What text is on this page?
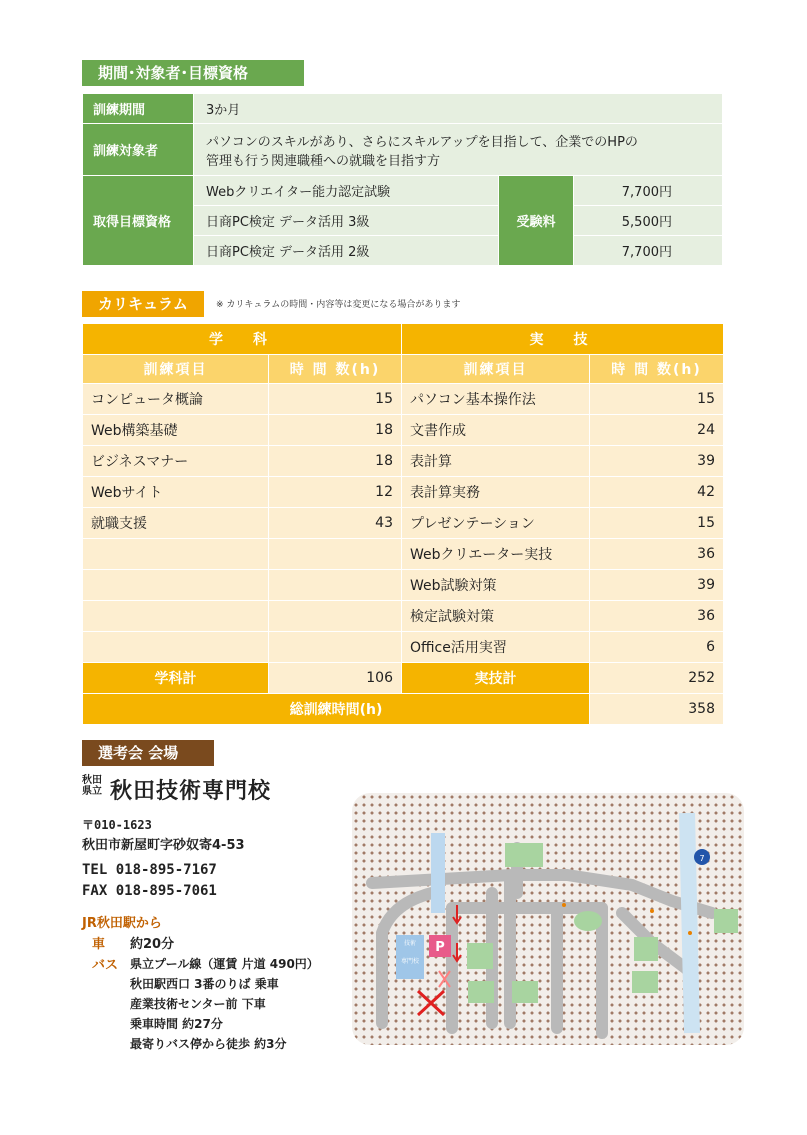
期間･対象者･目標資格
訓練期間	3か月		
訓練対象者	パソコンのスキルがあり、さらにスキルアップを目指して、企業でのHPの
管理も行う関連職種への就職を目指す方		

取得目標資格	Webクリエイター能力認定試験	受験料	7,700円
	日商PC検定 データ活用 3級		5,500円
	日商PC検定 データ活用 2級		7,700円
カリキュラム	※ カリキュラムの時間・内容等は変更になる場合があります
学　科		実　技	
訓練項目	時 間 数(h)	訓練項目	時 間 数(h)
コンピュータ概論	15	パソコン基本操作法	15
Web構築基礎	18	文書作成	24
ビジネスマナー	18	表計算	39
Webサイト	12	表計算実務	42
就職支援	43	プレゼンテーション	15
		Webクリエーター実技	36
		Web試験対策	39
		検定試験対策	36
		Office活用実習	6
学科計	106	実技計	252
総訓練時間(h)			358
選考会 会場
秋田
県立 秋田技術専門校
〒010-1623
秋田市新屋町字砂奴寄4-53
TEL 018-895-7167
FAX 018-895-7061
JR秋田駅から
車 約20分
バス 県立プール線（運賃 片道 490円）
秋田駅西口 3番のりば 乗車
産業技術センター前 下車
乗車時間 約27分
最寄りバス停から徒歩 約3分
技術
専門校
P
7
